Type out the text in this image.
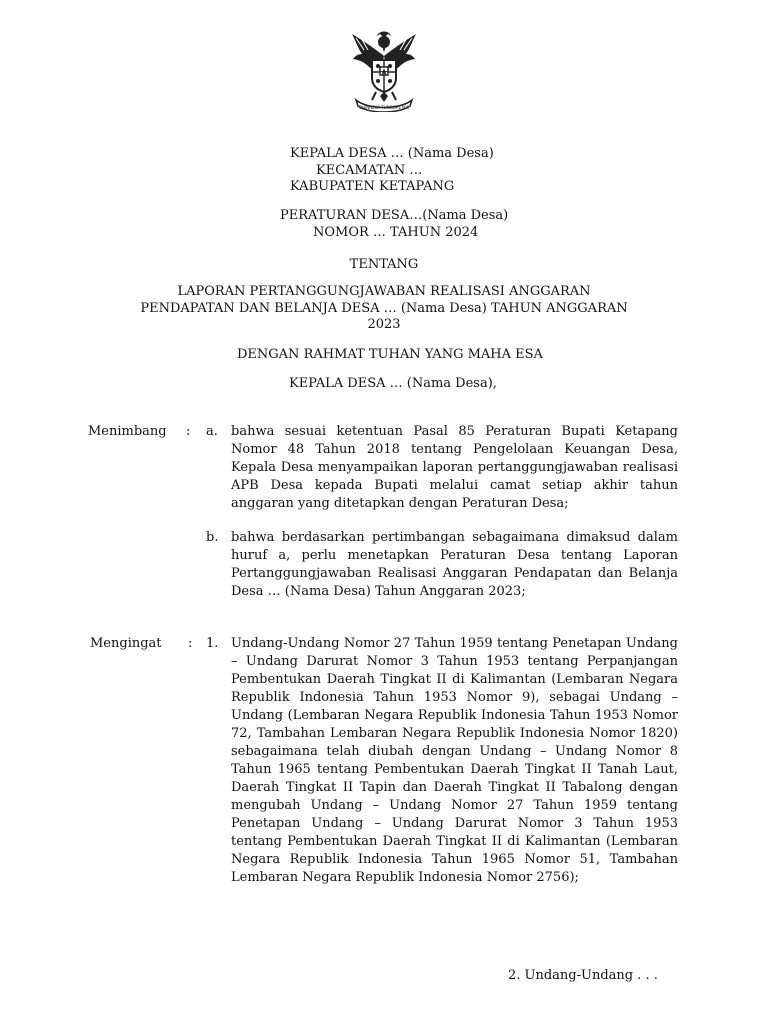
BHINNEKA TUNGGAL IKA
KEPALA DESA … (Nama Desa)
KECAMATAN …
KABUPATEN KETAPANG
PERATURAN DESA…(Nama Desa)
NOMOR … TAHUN 2024
TENTANG
LAPORAN PERTANGGUNGJAWABAN REALISASI ANGGARAN
PENDAPATAN DAN BELANJA DESA … (Nama Desa) TAHUN ANGGARAN
2023
DENGAN RAHMAT TUHAN YANG MAHA ESA
KEPALA DESA … (Nama Desa),
Menimbang : a. bahwa sesuai ketentuan Pasal 85 Peraturan Bupati Ketapang Nomor 48 Tahun 2018 tentang Pengelolaan Keuangan Desa, Kepala Desa menyampaikan laporan pertanggungjawaban realisasi APB Desa kepada Bupati melalui camat setiap akhir tahun anggaran yang ditetapkan dengan Peraturan Desa;

b. bahwa berdasarkan pertimbangan sebagaimana dimaksud dalam huruf a, perlu menetapkan Peraturan Desa tentang Laporan Pertanggungjawaban Realisasi Anggaran Pendapatan dan Belanja Desa … (Nama Desa) Tahun Anggaran 2023;

Mengingat : 1. Undang-Undang Nomor 27 Tahun 1959 tentang Penetapan Undang – Undang Darurat Nomor 3 Tahun 1953 tentang Perpanjangan Pembentukan Daerah Tingkat II di Kalimantan (Lembaran Negara Republik Indonesia Tahun 1953 Nomor 9), sebagai Undang – Undang (Lembaran Negara Republik Indonesia Tahun 1953 Nomor 72, Tambahan Lembaran Negara Republik Indonesia Nomor 1820) sebagaimana telah diubah dengan Undang – Undang Nomor 8 Tahun 1965 tentang Pembentukan Daerah Tingkat II Tanah Laut, Daerah Tingkat II Tapin dan Daerah Tingkat II Tabalong dengan mengubah Undang – Undang Nomor 27 Tahun 1959 tentang Penetapan Undang – Undang Darurat Nomor 3 Tahun 1953 tentang Pembentukan Daerah Tingkat II di Kalimantan (Lembaran Negara Republik Indonesia Tahun 1965 Nomor 51, Tambahan Lembaran Negara Republik Indonesia Nomor 2756);

2. Undang-Undang . . .
